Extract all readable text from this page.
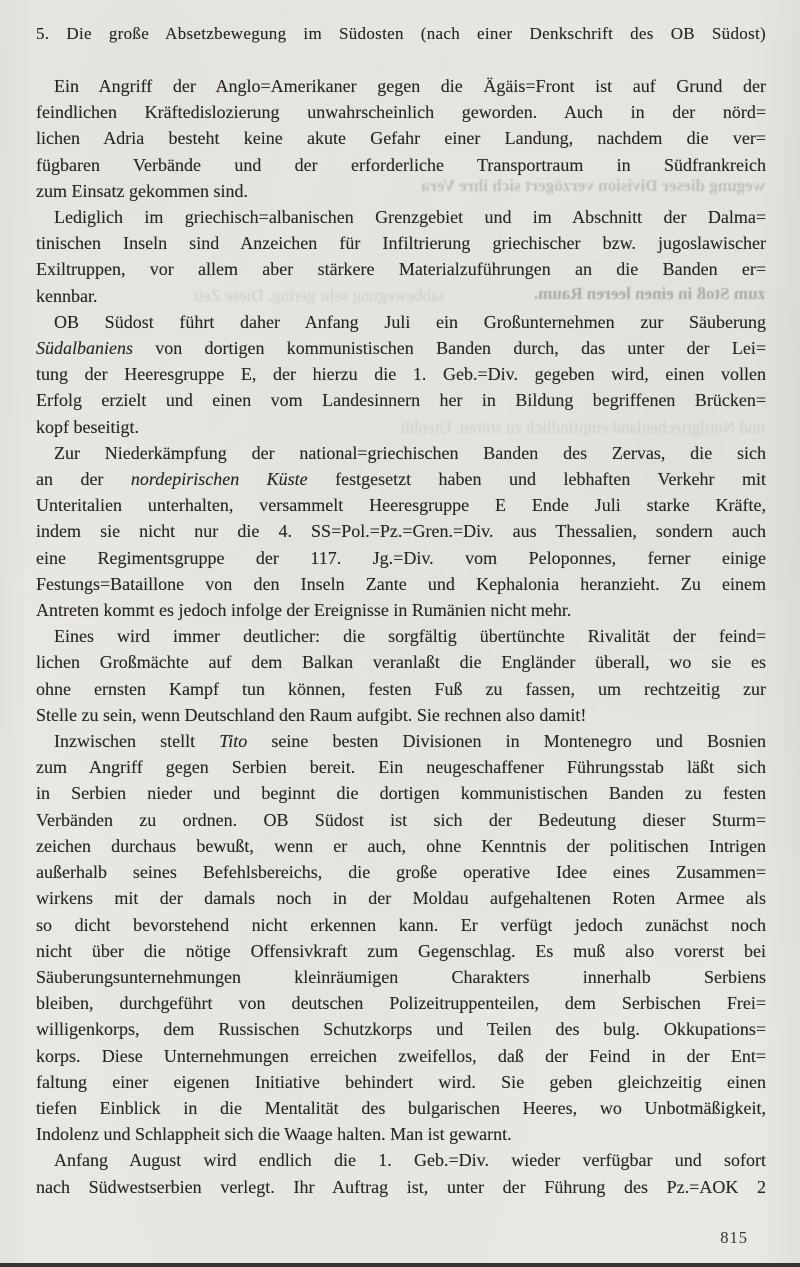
5. Die große Absetzbewegung im Südosten (nach einer Denkschrift des OB Südost)
wegung dieser Division verzögert sich ihre Vera
zum Stoß in einen leeren Raum.
sabbewegung sehr gering. Diese Zeit
und Nordgriechenland empfindlich zu stören. Utenbli
Ein Angriff der Anglo=Amerikaner gegen die Ägäis=Front ist auf Grund der
feindlichen Kräftedislozierung unwahrscheinlich geworden. Auch in der nörd=
lichen Adria besteht keine akute Gefahr einer Landung, nachdem die ver=
fügbaren Verbände und der erforderliche Transportraum in Südfrankreich
zum Einsatz gekommen sind.
Lediglich im griechisch=albanischen Grenzgebiet und im Abschnitt der Dalma=
tinischen Inseln sind Anzeichen für Infiltrierung griechischer bzw. jugoslawischer
Exiltruppen, vor allem aber stärkere Materialzuführungen an die Banden er=
kennbar.
OB Südost führt daher Anfang Juli ein Großunternehmen zur Säuberung
Südalbaniens von dortigen kommunistischen Banden durch, das unter der Lei=
tung der Heeresgruppe E, der hierzu die 1. Geb.=Div. gegeben wird, einen vollen
Erfolg erzielt und einen vom Landesinnern her in Bildung begriffenen Brücken=
kopf beseitigt.
Zur Niederkämpfung der national=griechischen Banden des Zervas, die sich
an der nordepirischen Küste festgesetzt haben und lebhaften Verkehr mit
Unteritalien unterhalten, versammelt Heeresgruppe E Ende Juli starke Kräfte,
indem sie nicht nur die 4. SS=Pol.=Pz.=Gren.=Div. aus Thessalien, sondern auch
eine Regimentsgruppe der 117. Jg.=Div. vom Peloponnes, ferner einige
Festungs=Bataillone von den Inseln Zante und Kephalonia heranzieht. Zu einem
Antreten kommt es jedoch infolge der Ereignisse in Rumänien nicht mehr.
Eines wird immer deutlicher: die sorgfältig übertünchte Rivalität der feind=
lichen Großmächte auf dem Balkan veranlaßt die Engländer überall, wo sie es
ohne ernsten Kampf tun können, festen Fuß zu fassen, um rechtzeitig zur
Stelle zu sein, wenn Deutschland den Raum aufgibt. Sie rechnen also damit!
Inzwischen stellt Tito seine besten Divisionen in Montenegro und Bosnien
zum Angriff gegen Serbien bereit. Ein neugeschaffener Führungsstab läßt sich
in Serbien nieder und beginnt die dortigen kommunistischen Banden zu festen
Verbänden zu ordnen. OB Südost ist sich der Bedeutung dieser Sturm=
zeichen durchaus bewußt, wenn er auch, ohne Kenntnis der politischen Intrigen
außerhalb seines Befehlsbereichs, die große operative Idee eines Zusammen=
wirkens mit der damals noch in der Moldau aufgehaltenen Roten Armee als
so dicht bevorstehend nicht erkennen kann. Er verfügt jedoch zunächst noch
nicht über die nötige Offensivkraft zum Gegenschlag. Es muß also vorerst bei
Säuberungsunternehmungen kleinräumigen Charakters innerhalb Serbiens
bleiben, durchgeführt von deutschen Polizeitruppenteilen, dem Serbischen Frei=
willigenkorps, dem Russischen Schutzkorps und Teilen des bulg. Okkupations=
korps. Diese Unternehmungen erreichen zweifellos, daß der Feind in der Ent=
faltung einer eigenen Initiative behindert wird. Sie geben gleichzeitig einen
tiefen Einblick in die Mentalität des bulgarischen Heeres, wo Unbotmäßigkeit,
Indolenz und Schlappheit sich die Waage halten. Man ist gewarnt.
Anfang August wird endlich die 1. Geb.=Div. wieder verfügbar und sofort
nach Südwestserbien verlegt. Ihr Auftrag ist, unter der Führung des Pz.=AOK 2
815
